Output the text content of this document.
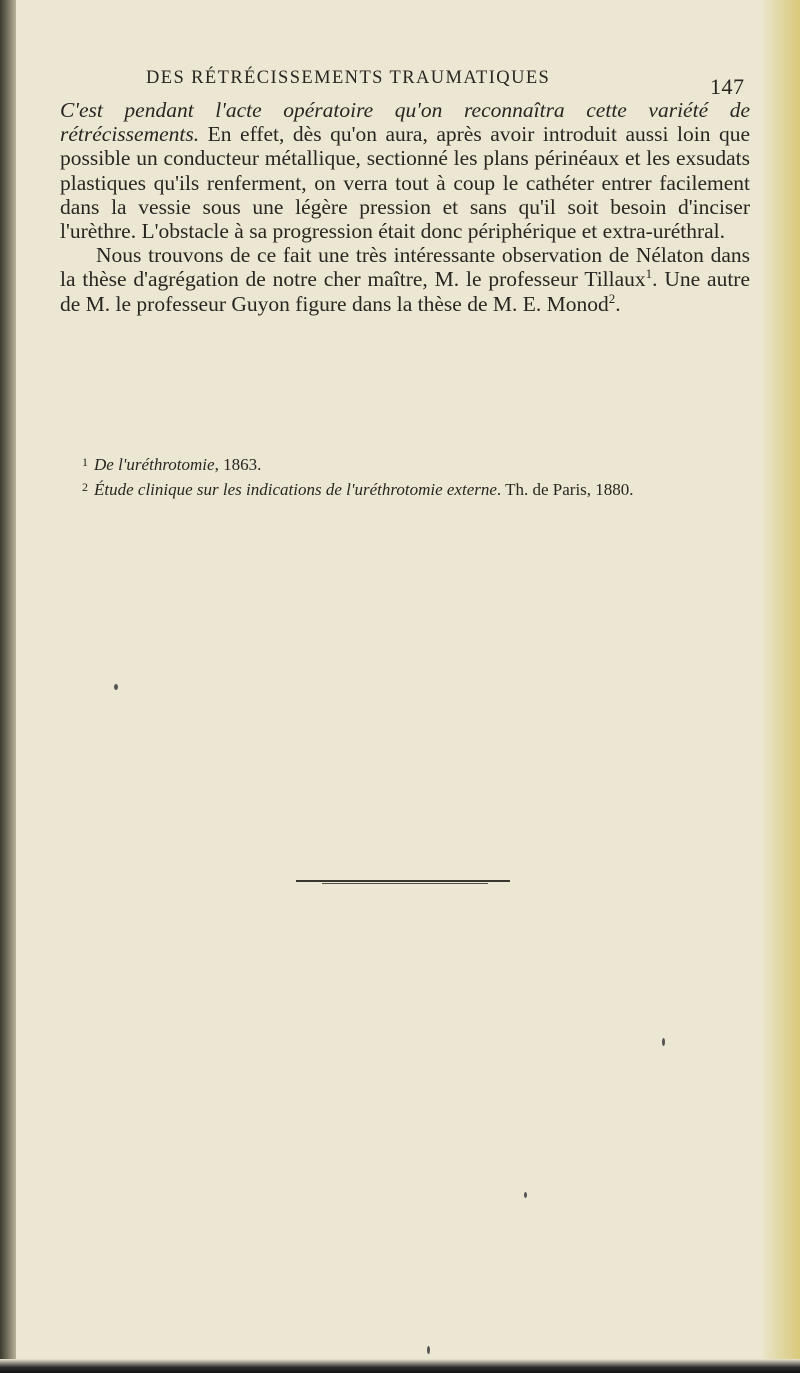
DES RÉTRÉCISSEMENTS TRAUMATIQUES	147

C'est pendant l'acte opératoire qu'on reconnaîtra cette variété de rétrécissements. En effet, dès qu'on aura, après avoir introduit aussi loin que possible un conducteur métallique, sectionné les plans périnéaux et les exsudats plastiques qu'ils renferment, on verra tout à coup le cathéter entrer facilement dans la vessie sous une légère pression et sans qu'il soit besoin d'inciser l'urèthre. L'obstacle à sa progression était donc périphérique et extra-uréthral.

Nous trouvons de ce fait une très intéressante observation de Nélaton dans la thèse d'agrégation de notre cher maître, M. le professeur Tillaux$^1$. Une autre de M. le professeur Guyon figure dans la thèse de M. E. Monod$^2$.

$^1$ De l'uréthrotomie, 1863.

$^2$ Étude clinique sur les indications de l'uréthrotomie externe. Th. de Paris, 1880.
